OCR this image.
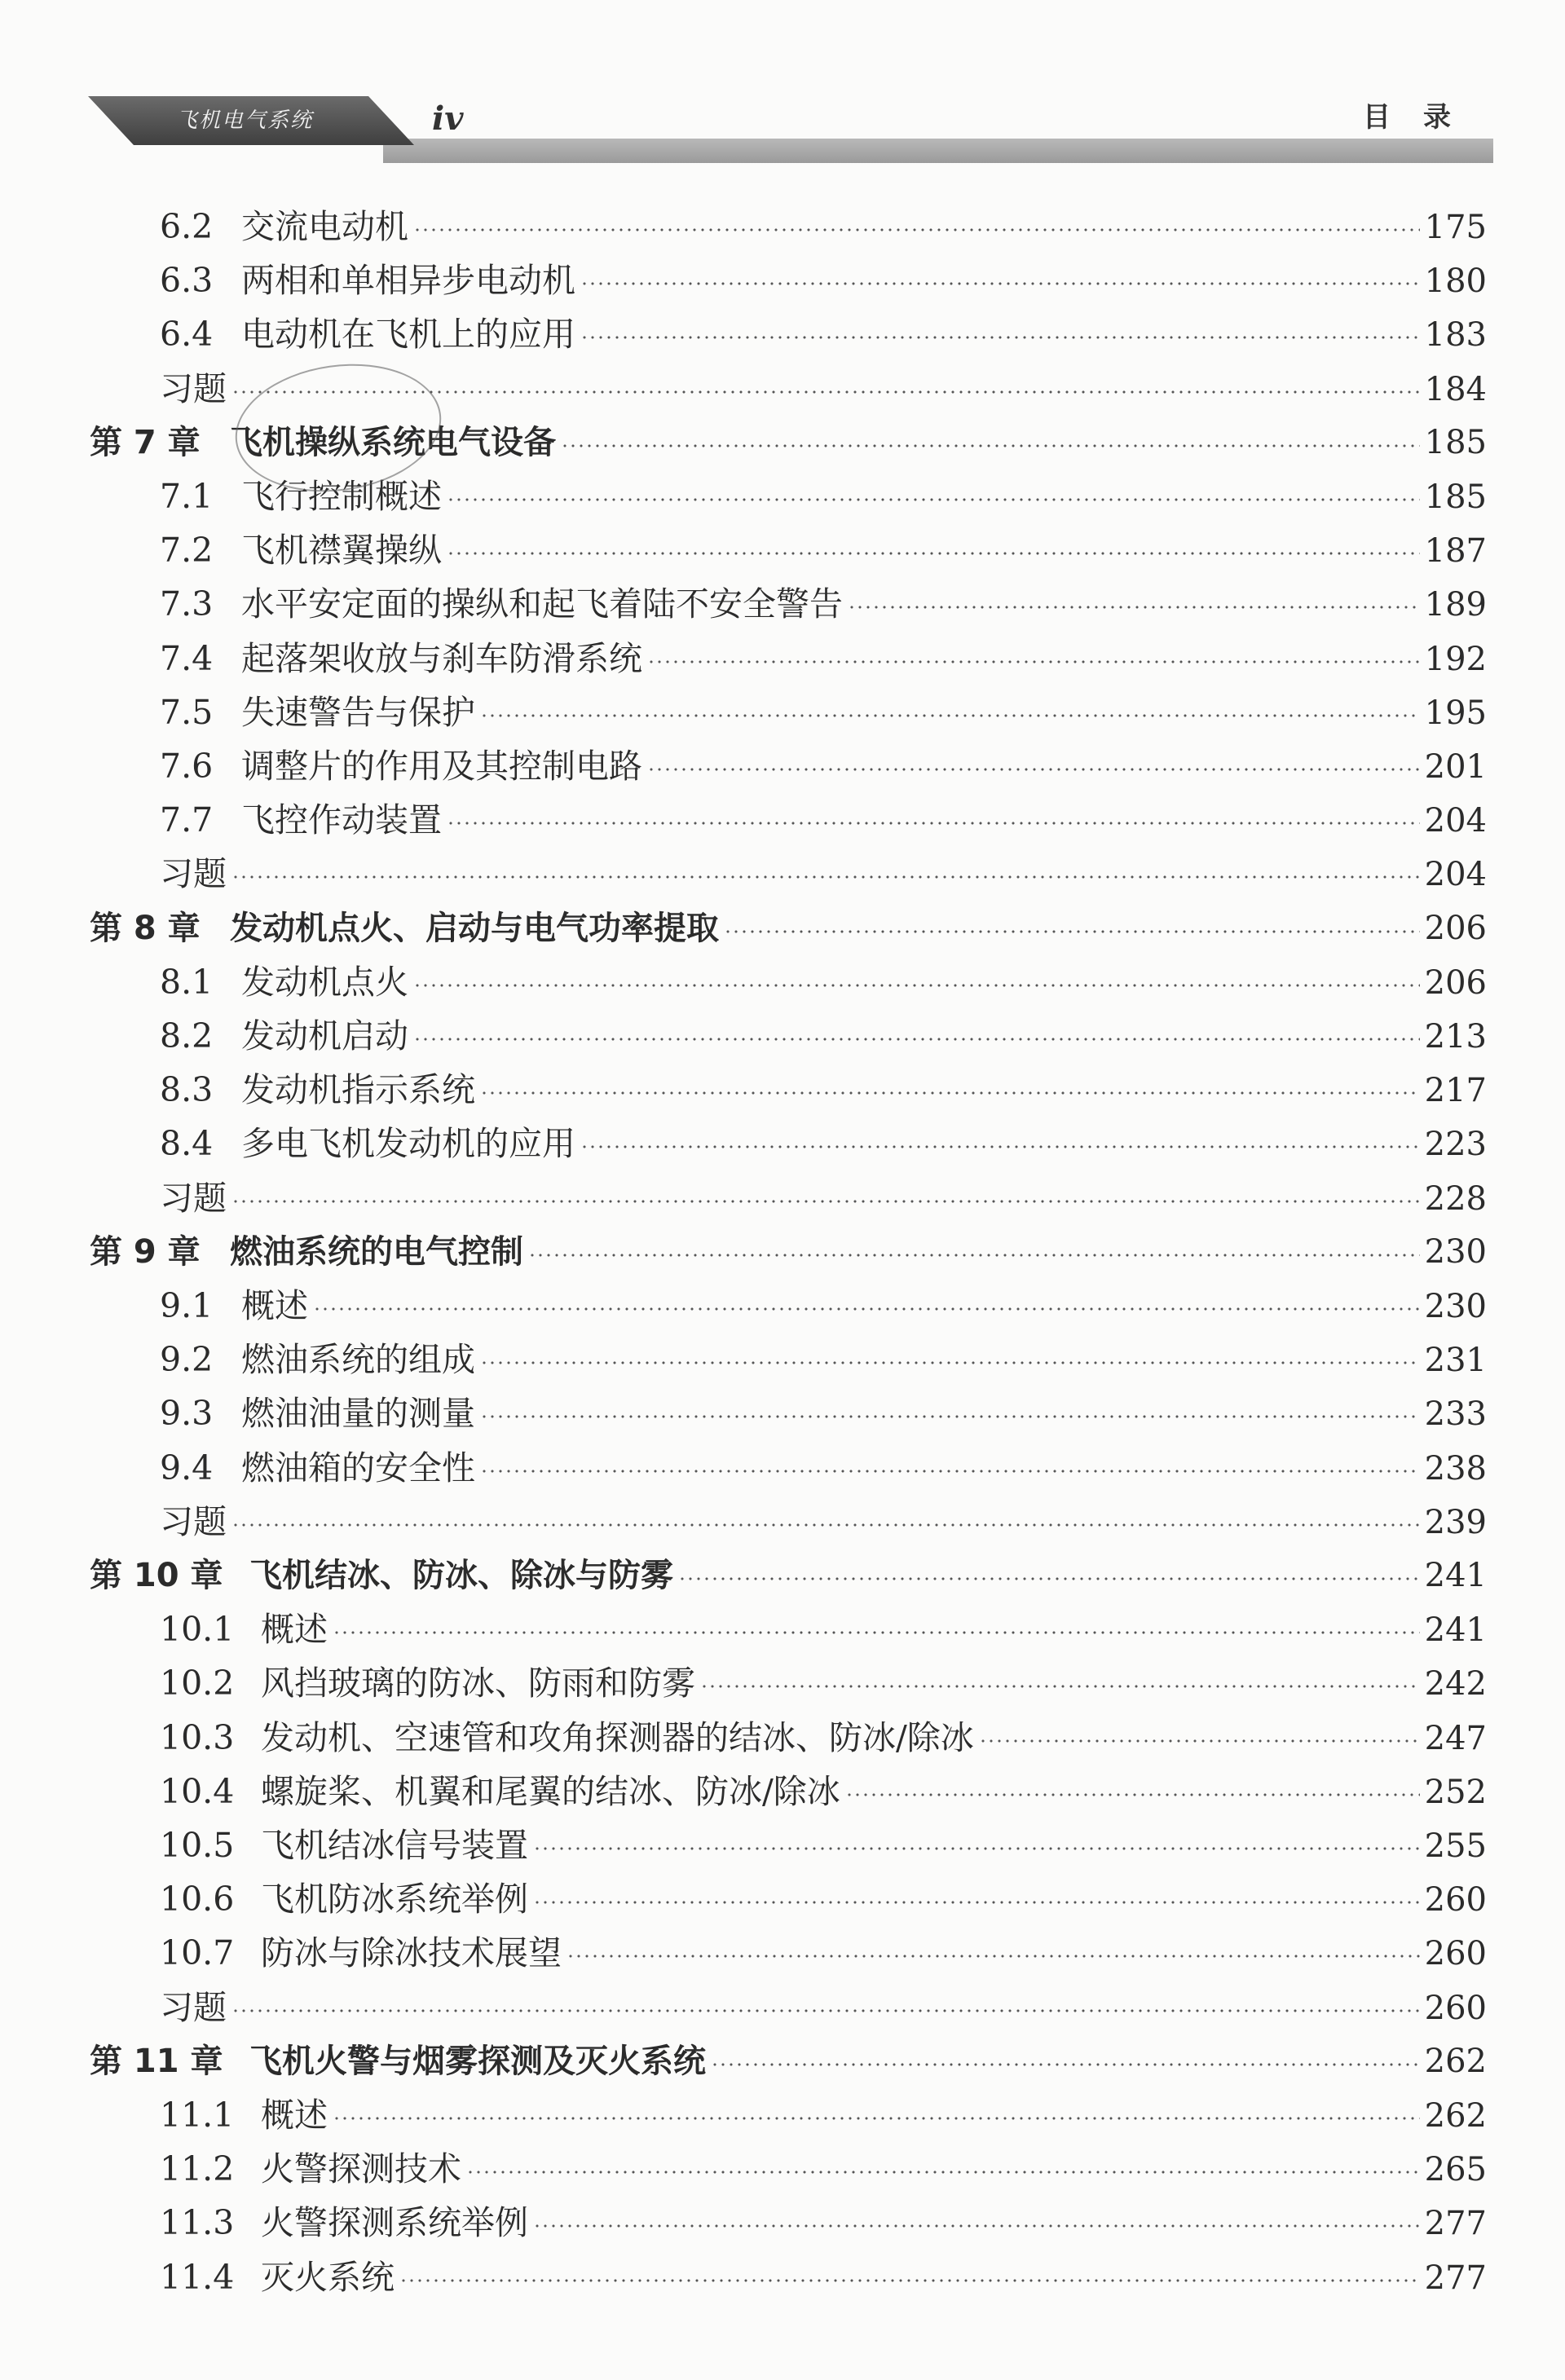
飞机电气系统	iv	目录
6.2 交流电动机	175
6.3 两相和单相异步电动机	180
6.4 电动机在飞机上的应用	183
习题	184
第 7 章 飞机操纵系统电气设备	185
7.1 飞行控制概述	185
7.2 飞机襟翼操纵	187
7.3 水平安定面的操纵和起飞着陆不安全警告	189
7.4 起落架收放与刹车防滑系统	192
7.5 失速警告与保护	195
7.6 调整片的作用及其控制电路	201
7.7 飞控作动装置	204
习题	204
第 8 章 发动机点火、启动与电气功率提取	206
8.1 发动机点火	206
8.2 发动机启动	213
8.3 发动机指示系统	217
8.4 多电飞机发动机的应用	223
习题	228
第 9 章 燃油系统的电气控制	230
9.1 概述	230
9.2 燃油系统的组成	231
9.3 燃油油量的测量	233
9.4 燃油箱的安全性	238
习题	239
第 10 章 飞机结冰、防冰、除冰与防雾	241
10.1 概述	241
10.2 风挡玻璃的防冰、防雨和防雾	242
10.3 发动机、空速管和攻角探测器的结冰、防冰/除冰	247
10.4 螺旋桨、机翼和尾翼的结冰、防冰/除冰	252
10.5 飞机结冰信号装置	255
10.6 飞机防冰系统举例	260
10.7 防冰与除冰技术展望	260
习题	260
第 11 章 飞机火警与烟雾探测及灭火系统	262
11.1 概述	262
11.2 火警探测技术	265
11.3 火警探测系统举例	277
11.4 灭火系统	277
